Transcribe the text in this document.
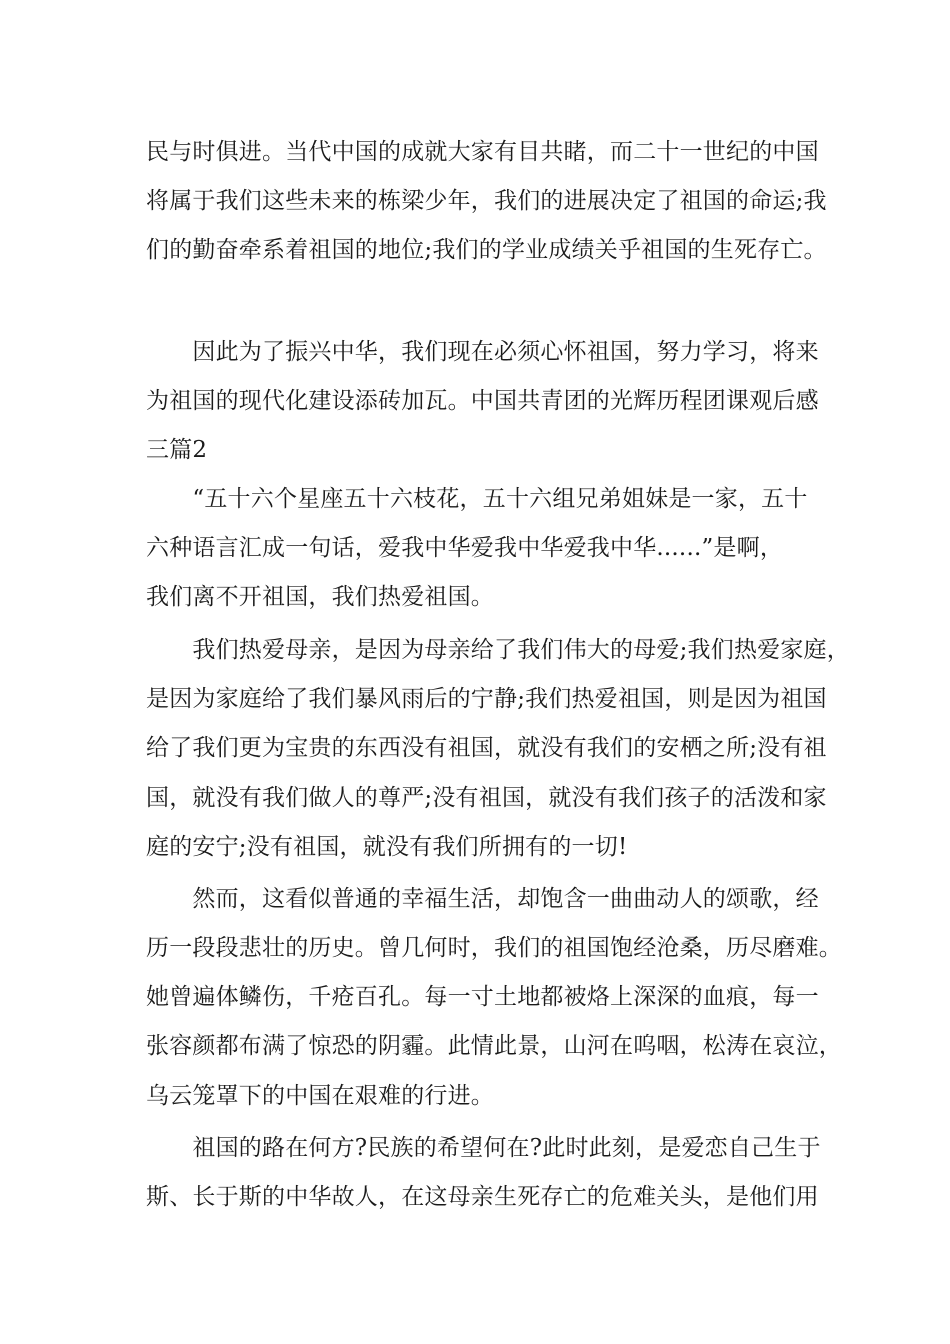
民与时俱进。当代中国的成就大家有目共睹，而二十一世纪的中国

将属于我们这些未来的栋梁少年，我们的进展决定了祖国的命运;我

们的勤奋牵系着祖国的地位;我们的学业成绩关乎祖国的生死存亡。

　　因此为了振兴中华，我们现在必须心怀祖国，努力学习，将来

为祖国的现代化建设添砖加瓦。中国共青团的光辉历程团课观后感

三篇2

　　“五十六个星座五十六枝花，五十六组兄弟姐妹是一家，五十

六种语言汇成一句话，爱我中华爱我中华爱我中华......”是啊，

我们离不开祖国，我们热爱祖国。

　　我们热爱母亲，是因为母亲给了我们伟大的母爱;我们热爱家庭，

是因为家庭给了我们暴风雨后的宁静;我们热爱祖国，则是因为祖国

给了我们更为宝贵的东西没有祖国，就没有我们的安栖之所;没有祖

国，就没有我们做人的尊严;没有祖国，就没有我们孩子的活泼和家

庭的安宁;没有祖国，就没有我们所拥有的一切!

　　然而，这看似普通的幸福生活，却饱含一曲曲动人的颂歌，经

历一段段悲壮的历史。曾几何时，我们的祖国饱经沧桑，历尽磨难。

她曾遍体鳞伤，千疮百孔。每一寸土地都被烙上深深的血痕，每一

张容颜都布满了惊恐的阴霾。此情此景，山河在呜咽，松涛在哀泣，

乌云笼罩下的中国在艰难的行进。

　　祖国的路在何方?民族的希望何在?此时此刻，是爱恋自己生于

斯、长于斯的中华故人，在这母亲生死存亡的危难关头，是他们用
